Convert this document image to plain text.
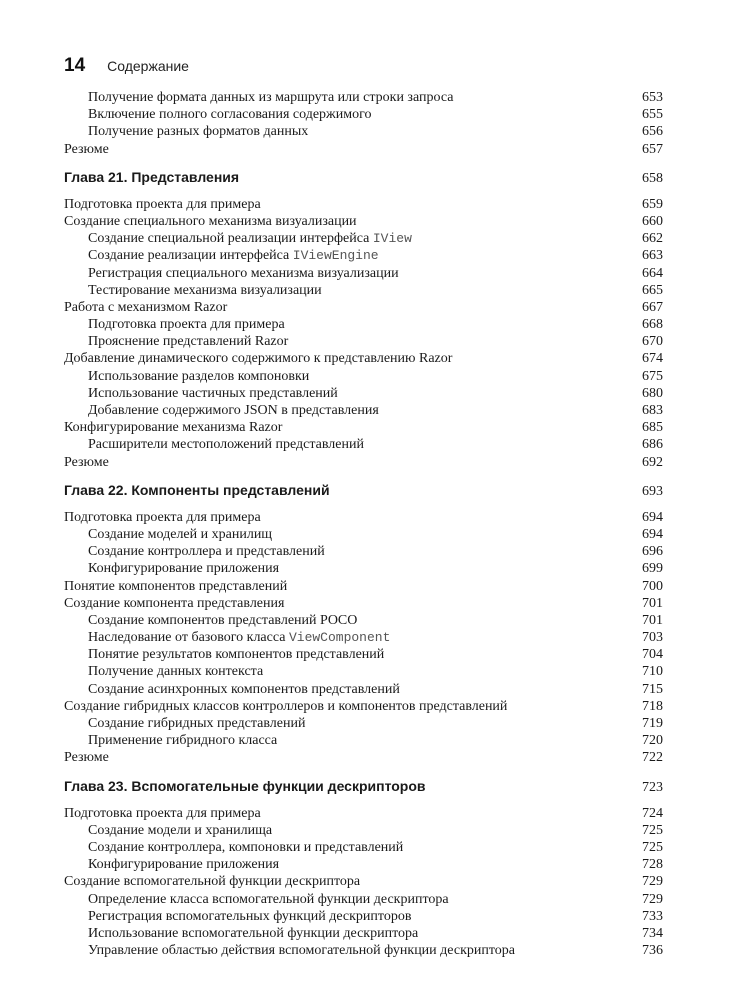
14 Содержание
Получение формата данных из маршрута или строки запроса	653
Включение полного согласования содержимого	655
Получение разных форматов данных	656
Резюме	657
Глава 21. Представления	658
Подготовка проекта для примера	659
Создание специального механизма визуализации	660
Создание специальной реализации интерфейса IView	662
Создание реализации интерфейса IViewEngine	663
Регистрация специального механизма визуализации	664
Тестирование механизма визуализации	665
Работа с механизмом Razor	667
Подготовка проекта для примера	668
Прояснение представлений Razor	670
Добавление динамического содержимого к представлению Razor	674
Использование разделов компоновки	675
Использование частичных представлений	680
Добавление содержимого JSON в представления	683
Конфигурирование механизма Razor	685
Расширители местоположений представлений	686
Резюме	692
Глава 22. Компоненты представлений	693
Подготовка проекта для примера	694
Создание моделей и хранилищ	694
Создание контроллера и представлений	696
Конфигурирование приложения	699
Понятие компонентов представлений	700
Создание компонента представления	701
Создание компонентов представлений POCO	701
Наследование от базового класса ViewComponent	703
Понятие результатов компонентов представлений	704
Получение данных контекста	710
Создание асинхронных компонентов представлений	715
Создание гибридных классов контроллеров и компонентов представлений	718
Создание гибридных представлений	719
Применение гибридного класса	720
Резюме	722
Глава 23. Вспомогательные функции дескрипторов	723
Подготовка проекта для примера	724
Создание модели и хранилища	725
Создание контроллера, компоновки и представлений	725
Конфигурирование приложения	728
Создание вспомогательной функции дескриптора	729
Определение класса вспомогательной функции дескриптора	729
Регистрация вспомогательных функций дескрипторов	733
Использование вспомогательной функции дескриптора	734
Управление областью действия вспомогательной функции дескриптора	736
